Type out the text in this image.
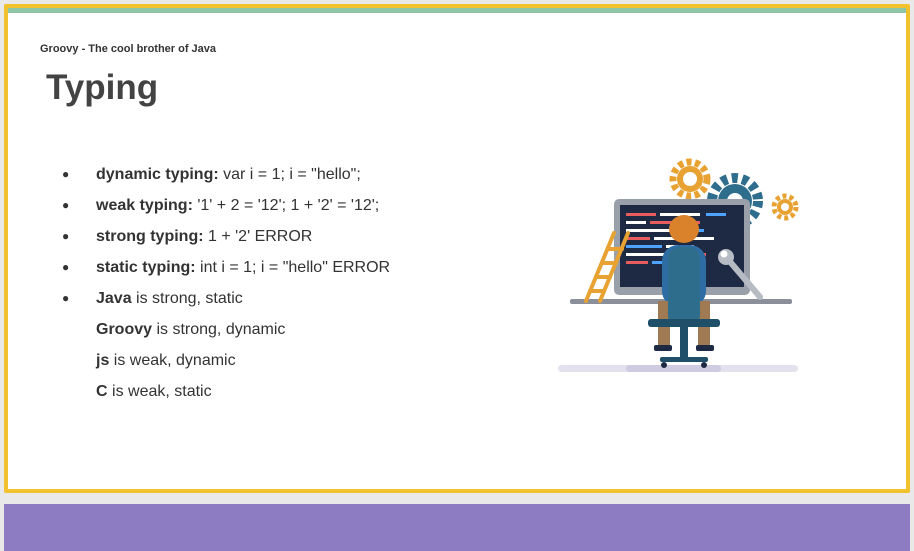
Groovy - The cool brother of Java
Typing
● dynamic typing: var i = 1; i = "hello";
● weak typing: '1' + 2 = '12'; 1 + '2' = '12';
● strong typing: 1 + '2' ERROR
● static typing: int i = 1; i = "hello" ERROR
● Java is strong, static
Groovy is strong, dynamic
js is weak, dynamic
C is weak, static
